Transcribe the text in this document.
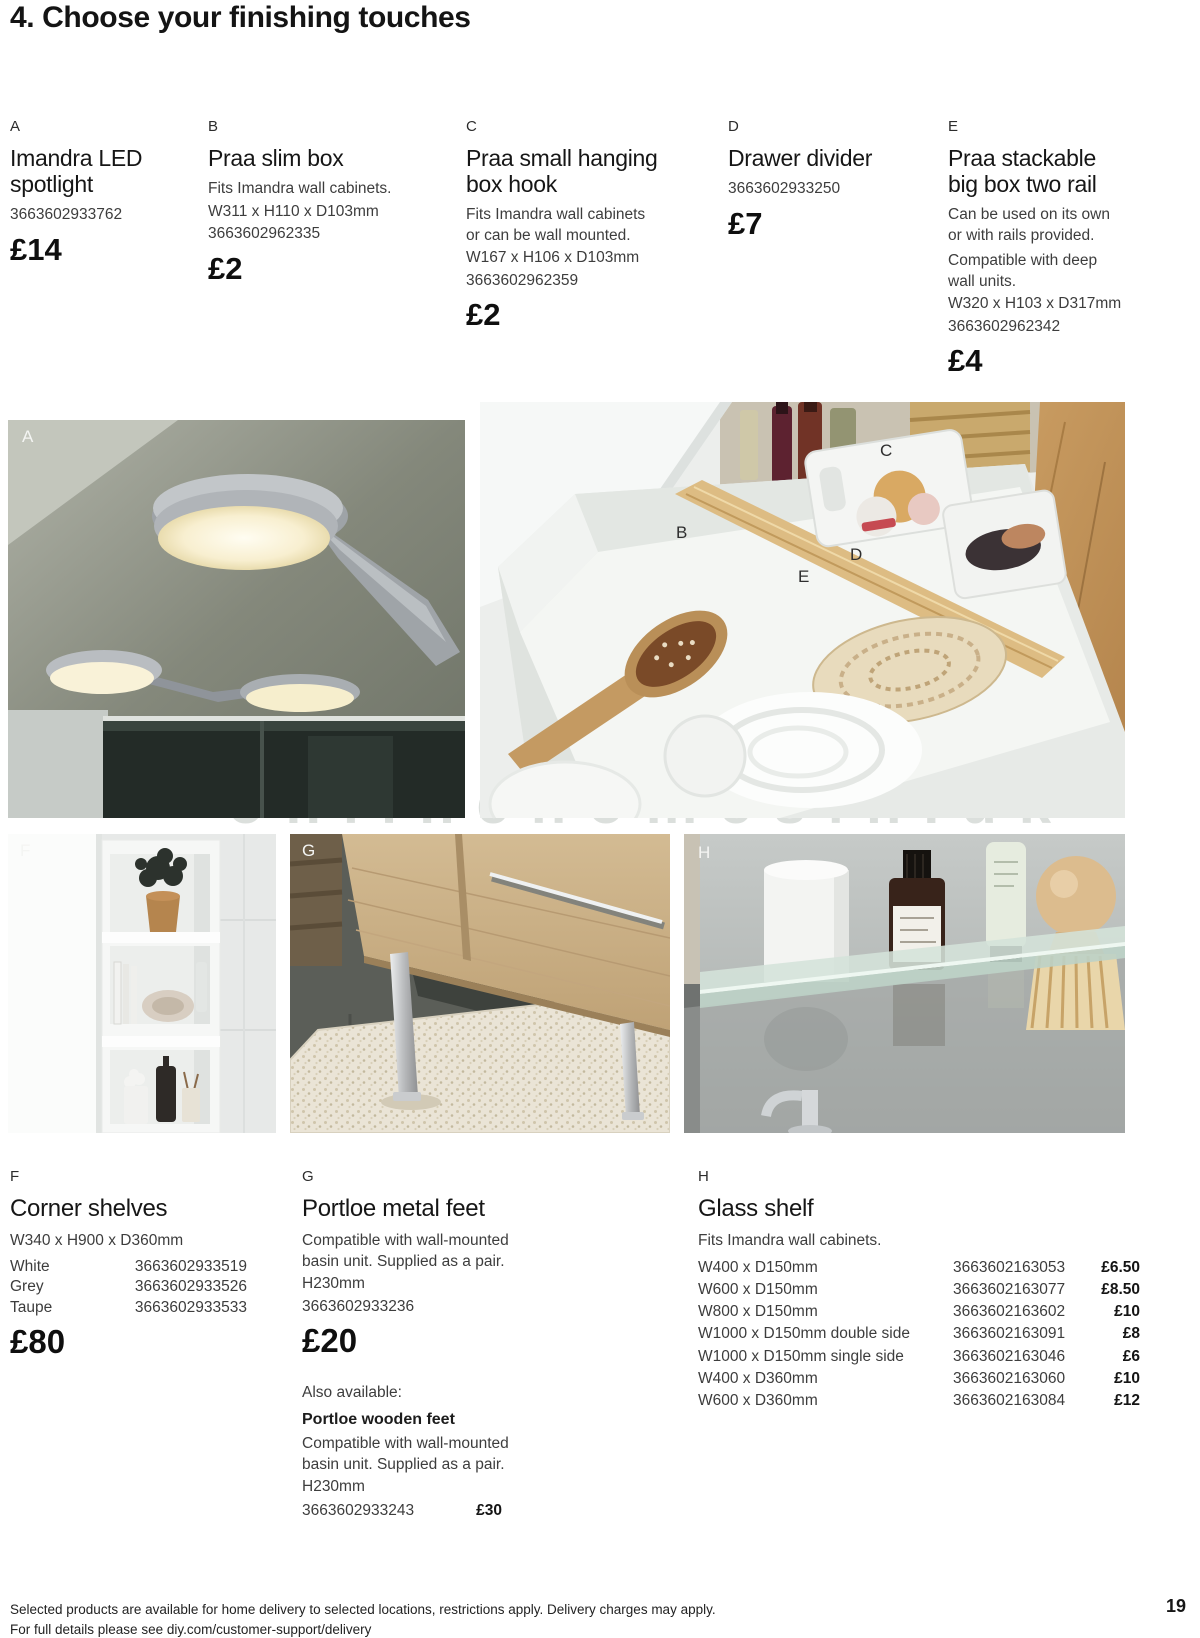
4. Choose your finishing touches
A
Imandra LED spotlight
3663602933762
£14
B
Praa slim box
Fits Imandra wall cabinets.
W311 x H110 x D103mm
3663602962335
£2
C
Praa small hanging box hook
Fits Imandra wall cabinets or can be wall mounted.
W167 x H106 x D103mm
3663602962359
£2
D
Drawer divider
3663602933250
£7
E
Praa stackable big box two rail
Can be used on its own or with rails provided.
Compatible with deep wall units.
W320 x H103 x D317mm
3663602962342
£4
A
B
C
D
E
F	G	H
F
Corner shelves
W340 x H900 x D360mm
White	3663602933519
Grey	3663602933526
Taupe	3663602933533
£80
G
Portloe metal feet
Compatible with wall-mounted basin unit. Supplied as a pair.
H230mm
3663602933236
£20
Also available:
Portloe wooden feet
Compatible with wall-mounted basin unit. Supplied as a pair.
H230mm
3663602933243	£30
H
Glass shelf
Fits Imandra wall cabinets.
W400 x D150mm	3663602163053	£6.50
W600 x D150mm	3663602163077	£8.50
W800 x D150mm	3663602163602	£10
W1000 x D150mm double side	3663602163091	£8
W1000 x D150mm single side	3663602163046	£6
W400 x D360mm	3663602163060	£10
W600 x D360mm	3663602163084	£12
Selected products are available for home delivery to selected locations, restrictions apply. Delivery charges may apply.
For full details please see diy.com/customer-support/delivery
19
